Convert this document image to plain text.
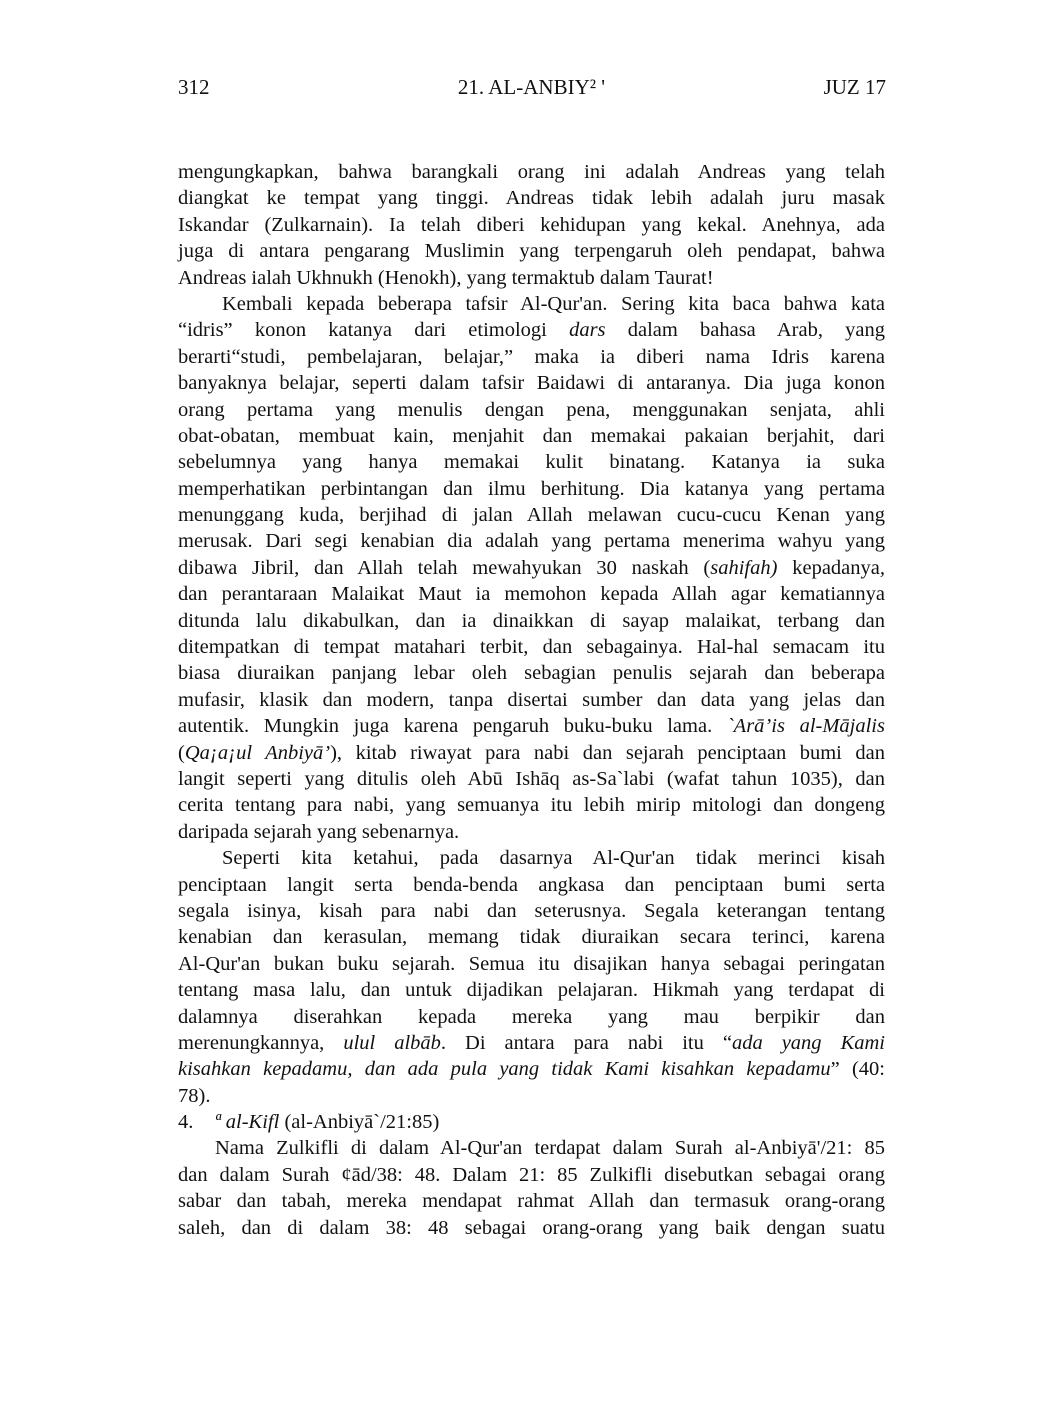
312	21. AL-ANBIY² '	JUZ 17
mengungkapkan, bahwa barangkali orang ini adalah Andreas yang telah
diangkat ke tempat yang tinggi. Andreas tidak lebih adalah juru masak
Iskandar (Zulkarnain). Ia telah diberi kehidupan yang kekal. Anehnya, ada
juga di antara pengarang Muslimin yang terpengaruh oleh pendapat, bahwa
Andreas ialah Ukhnukh (Henokh), yang termaktub dalam Taurat!
Kembali kepada beberapa tafsir Al-Qur'an. Sering kita baca bahwa kata
“idris” konon katanya dari etimologi dars dalam bahasa Arab, yang
berarti“studi, pembelajaran, belajar,” maka ia diberi nama Idris karena
banyaknya belajar, seperti dalam tafsir Baidawi di antaranya. Dia juga konon
orang pertama yang menulis dengan pena, menggunakan senjata, ahli
obat-obatan, membuat kain, menjahit dan memakai pakaian berjahit, dari
sebelumnya yang hanya memakai kulit binatang. Katanya ia suka
memperhatikan perbintangan dan ilmu berhitung. Dia katanya yang pertama
menunggang kuda, berjihad di jalan Allah melawan cucu-cucu Kenan yang
merusak. Dari segi kenabian dia adalah yang pertama menerima wahyu yang
dibawa Jibril, dan Allah telah mewahyukan 30 naskah (sahifah) kepadanya,
dan perantaraan Malaikat Maut ia memohon kepada Allah agar kematiannya
ditunda lalu dikabulkan, dan ia dinaikkan di sayap malaikat, terbang dan
ditempatkan di tempat matahari terbit, dan sebagainya. Hal-hal semacam itu
biasa diuraikan panjang lebar oleh sebagian penulis sejarah dan beberapa
mufasir, klasik dan modern, tanpa disertai sumber dan data yang jelas dan
autentik. Mungkin juga karena pengaruh buku-buku lama. `Arā’is al-Mājalis
(Qa¡a¡ul Anbiyā’), kitab riwayat para nabi dan sejarah penciptaan bumi dan
langit seperti yang ditulis oleh Abū Ishāq as-Sa`labi (wafat tahun 1035), dan
cerita tentang para nabi, yang semuanya itu lebih mirip mitologi dan dongeng
daripada sejarah yang sebenarnya.
Seperti kita ketahui, pada dasarnya Al-Qur'an tidak merinci kisah
penciptaan langit serta benda-benda angkasa dan penciptaan bumi serta
segala isinya, kisah para nabi dan seterusnya. Segala keterangan tentang
kenabian dan kerasulan, memang tidak diuraikan secara terinci, karena
Al-Qur'an bukan buku sejarah. Semua itu disajikan hanya sebagai peringatan
tentang masa lalu, dan untuk dijadikan pelajaran. Hikmah yang terdapat di
dalamnya diserahkan kepada mereka yang mau berpikir dan
merenungkannya, ulul albāb. Di antara para nabi itu “ada yang Kami
kisahkan kepadamu, dan ada pula yang tidak Kami kisahkan kepadamu” (40:
78).
4. ª al-Kifl (al-Anbiyā`/21:85)
Nama Zulkifli di dalam Al-Qur'an terdapat dalam Surah al-Anbiyā'/21: 85
dan dalam Surah ¢ād/38: 48. Dalam 21: 85 Zulkifli disebutkan sebagai orang
sabar dan tabah, mereka mendapat rahmat Allah dan termasuk orang-orang
saleh, dan di dalam 38: 48 sebagai orang-orang yang baik dengan suatu
